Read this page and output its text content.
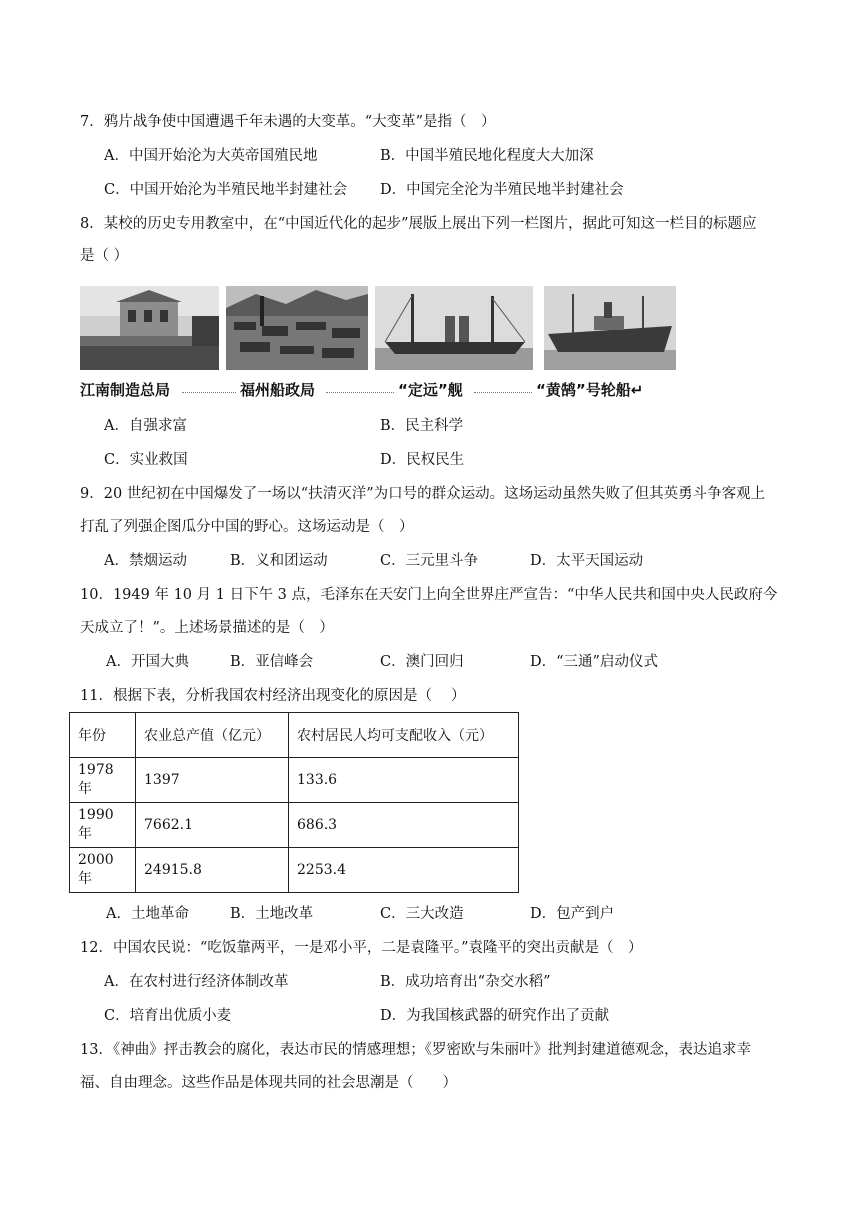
7．鸦片战争使中国遭遇千年未遇的大变革。“大变革”是指（　）
A．中国开始沦为大英帝国殖民地	B．中国半殖民地化程度大大加深
C．中国开始沦为半殖民地半封建社会 D．中国完全沦为半殖民地半封建社会
8．某校的历史专用教室中，在“中国近代化的起步”展版上展出下列一栏图片，据此可知这一栏目的标题应
是（ ）
江南制造总局	福州船政局	“定远”舰	“黄鹄”号轮船↵
A．自强求富	B．民主科学
C．实业救国	D．民权民生
9．20 世纪初在中国爆发了一场以“扶清灭洋”为口号的群众运动。这场运动虽然失败了但其英勇斗争客观上
打乱了列强企图瓜分中国的野心。这场运动是（　）
A．禁烟运动	B．义和团运动	C．三元里斗争	D．太平天国运动
10．1949 年 10 月 1 日下午 3 点，毛泽东在天安门上向全世界庄严宣告：“中华人民共和国中央人民政府今
天成立了！”。上述场景描述的是（　）
A．开国大典	B．亚信峰会	C．澳门回归	D．“三通”启动仪式
11．根据下表，分析我国农村经济出现变化的原因是（　 ）
年份	农业总产值（亿元）	农村居民人均可支配收入（元）
1978 年	1397	133.6
1990 年	7662.1	686.3
2000 年	24915.8	2253.4
A．土地革命	B．土地改革	C．三大改造	D．包产到户
12．中国农民说：“吃饭靠两平，一是邓小平，二是袁隆平。”袁隆平的突出贡献是（　）
A．在农村进行经济体制改革	B．成功培育出“杂交水稻”
C．培育出优质小麦	D．为我国核武器的研究作出了贡献
13．《神曲》抨击教会的腐化，表达市民的情感理想；《罗密欧与朱丽叶》批判封建道德观念，表达追求幸
福、自由理念。这些作品是体现共同的社会思潮是（　　）
